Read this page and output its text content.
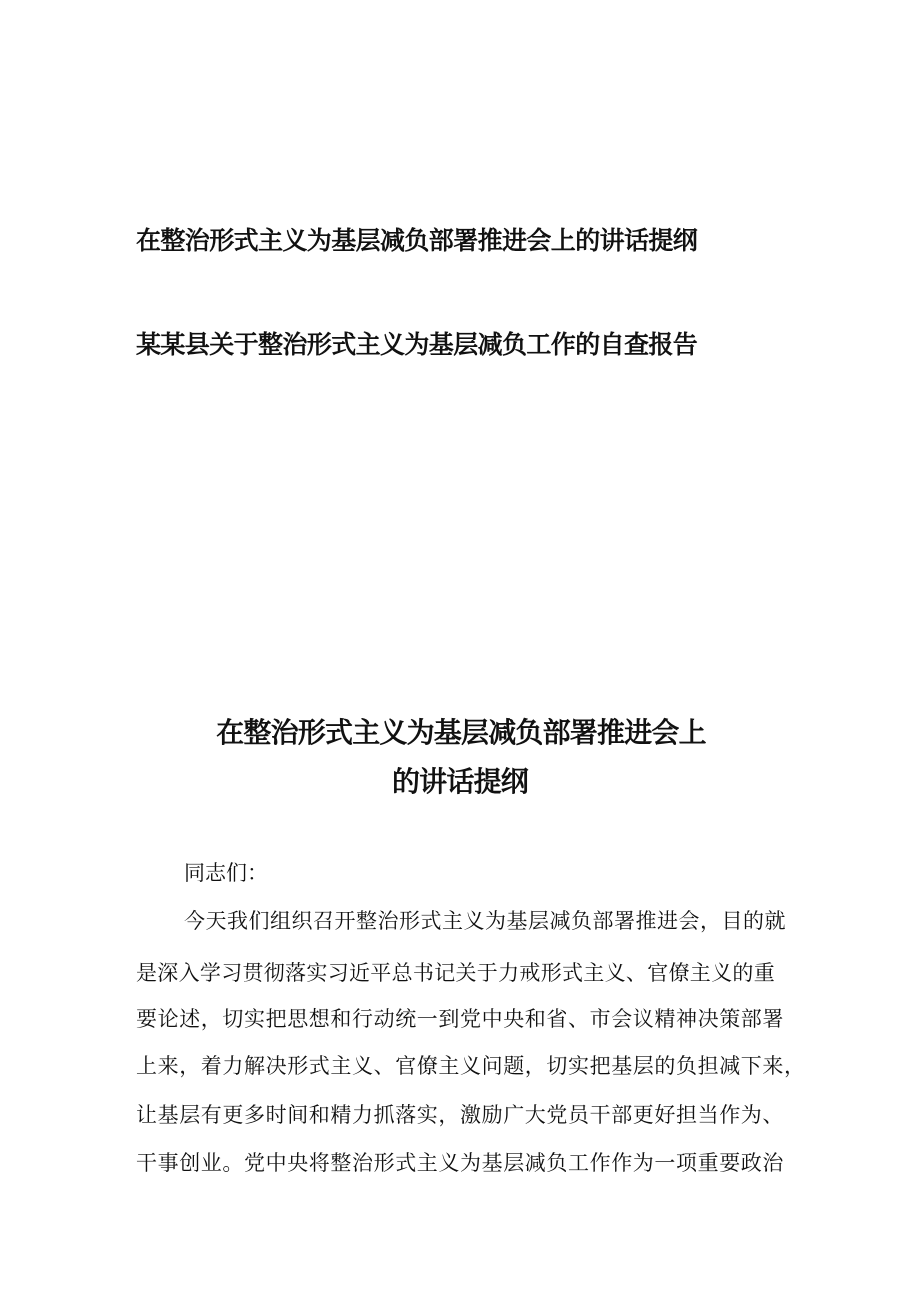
在整治形式主义为基层减负部署推进会上的讲话提纲
某某县关于整治形式主义为基层减负工作的自查报告
在整治形式主义为基层减负部署推进会上
的讲话提纲
同志们：
今天我们组织召开整治形式主义为基层减负部署推进会，目的就
是深入学习贯彻落实习近平总书记关于力戒形式主义、官僚主义的重
要论述，切实把思想和行动统一到党中央和省、市会议精神决策部署
上来，着力解决形式主义、官僚主义问题，切实把基层的负担减下来，
让基层有更多时间和精力抓落实，激励广大党员干部更好担当作为、
干事创业。党中央将整治形式主义为基层减负工作作为一项重要政治
